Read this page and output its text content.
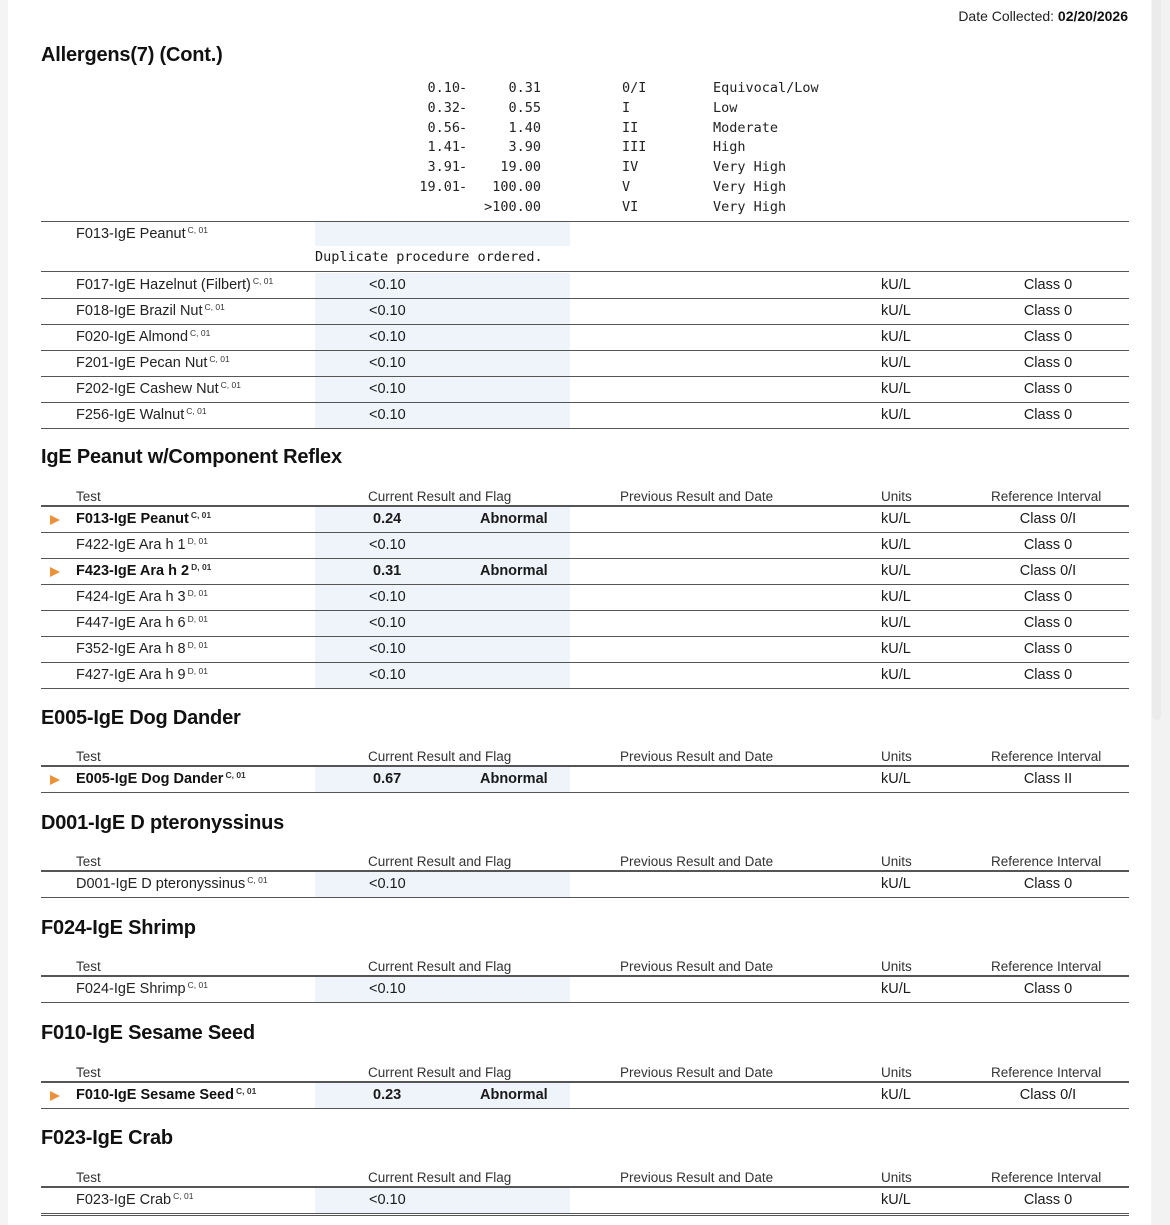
Date Collected: 02/20/2026
Allergens(7) (Cont.)
0.10 -	0.31	0/I	Equivocal/Low
0.32 -	0.55	I	Low
0.56 -	1.40	II	Moderate
1.41 -	3.90	III	High
3.91 - 19.00	IV	Very High
19.01 - 100.00	V	Very High
>100.00	VI	Very High
F013-IgE Peanut $^{C, 01}$
Duplicate procedure ordered.
F017-IgE Hazelnut (Filbert) $^{C, 01}$	<0.10	kU/L	Class 0
F018-IgE Brazil Nut $^{C, 01}$	<0.10	kU/L	Class 0
F020-IgE Almond $^{C, 01}$	<0.10	kU/L	Class 0
F201-IgE Pecan Nut $^{C, 01}$	<0.10	kU/L	Class 0
F202-IgE Cashew Nut $^{C, 01}$	<0.10	kU/L	Class 0
F256-IgE Walnut $^{C, 01}$	<0.10	kU/L	Class 0
IgE Peanut w/Component Reflex
Test	Current Result and Flag	Previous Result and Date	Units	Reference Interval
F013-IgE Peanut $^{C, 01}$	0.24	Abnormal	kU/L	Class 0/I
F422-IgE Ara h 1 $^{D, 01}$	<0.10	kU/L	Class 0
F423-IgE Ara h 2 $^{D, 01}$	0.31	Abnormal	kU/L	Class 0/I
F424-IgE Ara h 3 $^{D, 01}$	<0.10	kU/L	Class 0
F447-IgE Ara h 6 $^{D, 01}$	<0.10	kU/L	Class 0
F352-IgE Ara h 8 $^{D, 01}$	<0.10	kU/L	Class 0
F427-IgE Ara h 9 $^{D, 01}$	<0.10	kU/L	Class 0
E005-IgE Dog Dander
Test	Current Result and Flag	Previous Result and Date	Units	Reference Interval
E005-IgE Dog Dander $^{C, 01}$	0.67	Abnormal	kU/L	Class II
D001-IgE D pteronyssinus
Test	Current Result and Flag	Previous Result and Date	Units	Reference Interval
D001-IgE D pteronyssinus $^{C, 01}$	<0.10	kU/L	Class 0
F024-IgE Shrimp
Test	Current Result and Flag	Previous Result and Date	Units	Reference Interval
F024-IgE Shrimp $^{C, 01}$	<0.10	kU/L	Class 0
F010-IgE Sesame Seed
Test	Current Result and Flag	Previous Result and Date	Units	Reference Interval
F010-IgE Sesame Seed $^{C, 01}$	0.23	Abnormal	kU/L	Class 0/I
F023-IgE Crab
Test	Current Result and Flag	Previous Result and Date	Units	Reference Interval
F023-IgE Crab $^{C, 01}$	<0.10	kU/L	Class 0
